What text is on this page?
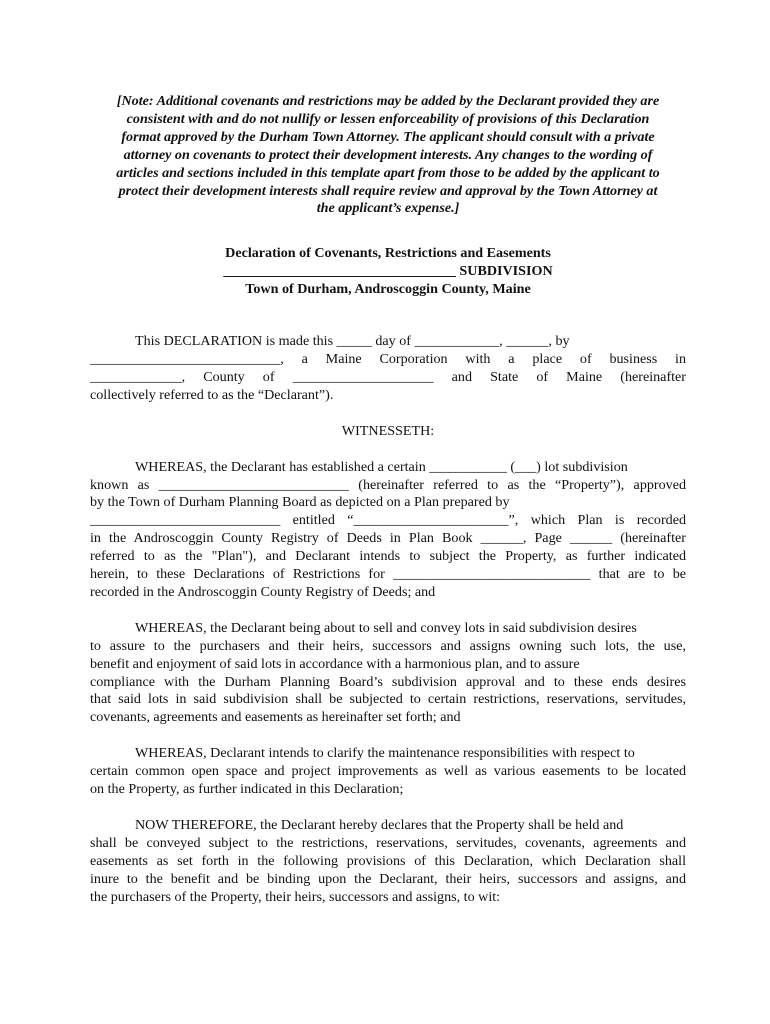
[Note: Additional covenants and restrictions may be added by the Declarant provided they are
consistent with and do not nullify or lessen enforceability of provisions of this Declaration
format approved by the Durham Town Attorney. The applicant should consult with a private
attorney on covenants to protect their development interests. Any changes to the wording of
articles and sections included in this template apart from those to be added by the applicant to
protect their development interests shall require review and approval by the Town Attorney at
the applicant’s expense.]
Declaration of Covenants, Restrictions and Easements
_________________________________ SUBDIVISION
Town of Durham, Androscoggin County, Maine
This DECLARATION is made this _____ day of ____________, ______, by
___________________________, a Maine Corporation with a place of business in
_____________, County of ____________________ and State of Maine (hereinafter
collectively referred to as the “Declarant”).

WITNESSETH:

WHEREAS, the Declarant has established a certain ___________ (___) lot subdivision
known as ___________________________ (hereinafter referred to as the “Property”), approved
by the Town of Durham Planning Board as depicted on a Plan prepared by
___________________________ entitled “______________________”, which Plan is recorded
in the Androscoggin County Registry of Deeds in Plan Book ______, Page ______ (hereinafter
referred to as the "Plan"), and Declarant intends to subject the Property, as further indicated
herein, to these Declarations of Restrictions for ____________________________ that are to be
recorded in the Androscoggin County Registry of Deeds; and
WHEREAS, the Declarant being about to sell and convey lots in said subdivision desires
to assure to the purchasers and their heirs, successors and assigns owning such lots, the use,
benefit and enjoyment of said lots in accordance with a harmonious plan, and to assure
compliance with the Durham Planning Board’s subdivision approval and to these ends desires
that said lots in said subdivision shall be subjected to certain restrictions, reservations, servitudes,
covenants, agreements and easements as hereinafter set forth; and
WHEREAS, Declarant intends to clarify the maintenance responsibilities with respect to
certain common open space and project improvements as well as various easements to be located
on the Property, as further indicated in this Declaration;
NOW THEREFORE, the Declarant hereby declares that the Property shall be held and
shall be conveyed subject to the restrictions, reservations, servitudes, covenants, agreements and
easements as set forth in the following provisions of this Declaration, which Declaration shall
inure to the benefit and be binding upon the Declarant, their heirs, successors and assigns, and
the purchasers of the Property, their heirs, successors and assigns, to wit:
